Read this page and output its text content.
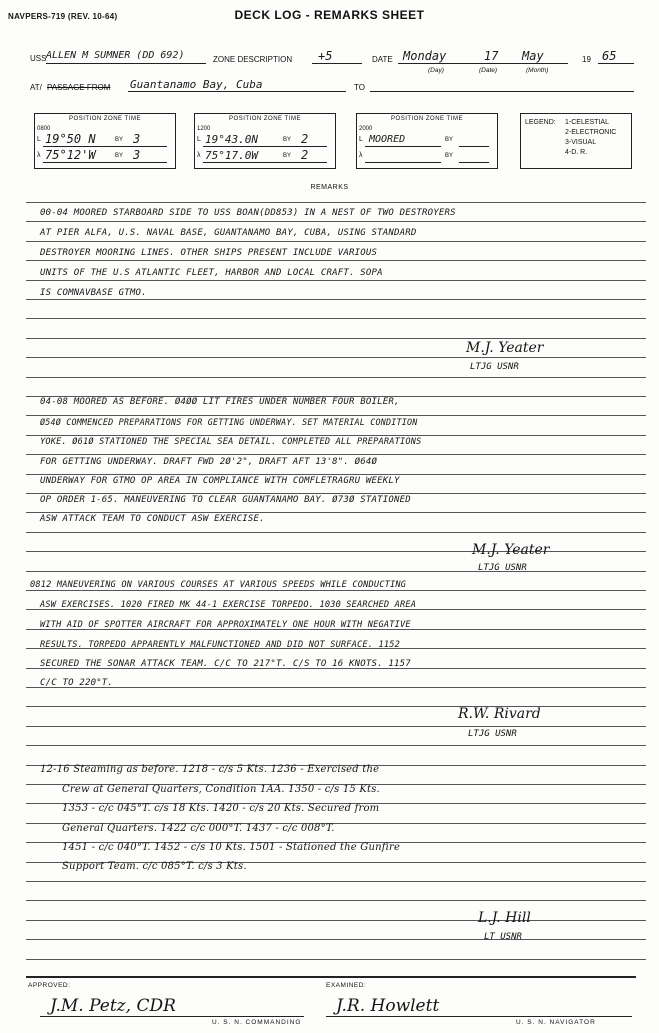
NAVPERS-719 (REV. 10-64)	DECK LOG - REMARKS SHEET
USS ALLEN M SUMNER (DD 692)	ZONE DESCRIPTION +5	DATE Monday	17 May	19 65
(Day)	(Date)	(Month)
AT/ PASSAGE FROM Guantanamo Bay, Cuba	TO
POSITION ZONE TIME
0800
L 19°50 N	BY 3
λ 75°12'W	BY 3
POSITION ZONE TIME
1200
L 19°43.0N	BY 2
λ 75°17.0W	BY 2
POSITION ZONE TIME
2000
L MOORED	BY
λ	BY
LEGEND: 1-CELESTIAL
2-ELECTRONIC
3-VISUAL
4-D. R.
REMARKS
00-04 MOORED STARBOARD SIDE TO USS BOAN(DD853) IN A NEST OF TWO DESTROYERS
AT PIER ALFA, U.S. NAVAL BASE, GUANTANAMO BAY, CUBA, USING STANDARD
DESTROYER MOORING LINES. OTHER SHIPS PRESENT INCLUDE VARIOUS
UNITS OF THE U.S ATLANTIC FLEET, HARBOR AND LOCAL CRAFT. SOPA
IS COMNAVBASE GTMO.
M.J. Yeater
LTJG USNR
04-08 MOORED AS BEFORE. Ø4ØØ LIT FIRES UNDER NUMBER FOUR BOILER,
Ø54Ø COMMENCED PREPARATIONS FOR GETTING UNDERWAY. SET MATERIAL CONDITION
YOKE. Ø61Ø STATIONED THE SPECIAL SEA DETAIL. COMPLETED ALL PREPARATIONS
FOR GETTING UNDERWAY. DRAFT FWD 2Ø'2", DRAFT AFT 13'8". Ø64Ø
UNDERWAY FOR GTMO OP AREA IN COMPLIANCE WITH COMFLETRAGRU WEEKLY
OP ORDER 1-65. MANEUVERING TO CLEAR GUANTANAMO BAY. Ø73Ø STATIONED
ASW ATTACK TEAM TO CONDUCT ASW EXERCISE.
M.J. Yeater
LTJG USNR
0812 MANEUVERING ON VARIOUS COURSES AT VARIOUS SPEEDS WHILE CONDUCTING
ASW EXERCISES. 1020 FIRED MK 44-1 EXERCISE TORPEDO. 1030 SEARCHED AREA
WITH AID OF SPOTTER AIRCRAFT FOR APPROXIMATELY ONE HOUR WITH NEGATIVE
RESULTS. TORPEDO APPARENTLY MALFUNCTIONED AND DID NOT SURFACE. 1152
SECURED THE SONAR ATTACK TEAM. C/C TO 217°T. C/S TO 16 KNOTS. 1157
C/C TO 220°T.
R.W. Rivard
LTJG USNR
12-16 Steaming as before. 1218 - c/s 5 Kts. 1236 - Exercised the
Crew at General Quarters, Condition 1AA. 1350 - c/s 15 Kts.
1353 - c/c 045°T. c/s 18 Kts. 1420 - c/s 20 Kts. Secured from
General Quarters. 1422 c/c 000°T. 1437 - c/c 008°T.
1451 - c/c 040°T. 1452 - c/s 10 Kts. 1501 - Stationed the Gunfire
Support Team. c/c 085°T. c/s 3 Kts.
L.J. Hill
LT USNR
APPROVED:	EXAMINED:
J.M. Petz, CDR	J.R. Howlett
U. S. N. COMMANDING	U. S. N. NAVIGATOR
